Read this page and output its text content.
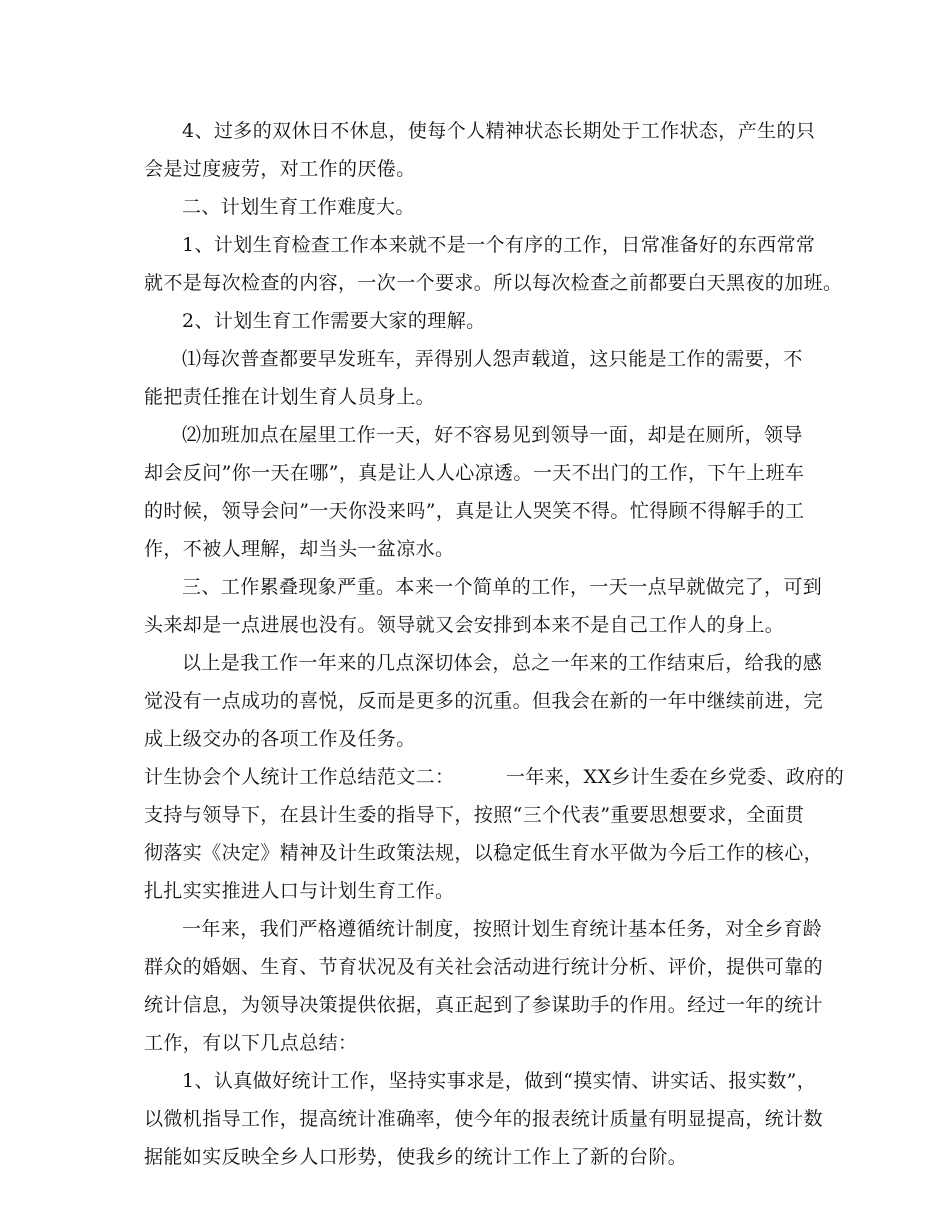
4、过多的双休日不休息，使每个人精神状态长期处于工作状态，产生的只
会是过度疲劳，对工作的厌倦。
二、计划生育工作难度大。
1、计划生育检查工作本来就不是一个有序的工作，日常准备好的东西常常
就不是每次检查的内容，一次一个要求。所以每次检查之前都要白天黑夜的加班。
2、计划生育工作需要大家的理解。
⑴每次普查都要早发班车，弄得别人怨声载道，这只能是工作的需要，不
能把责任推在计划生育人员身上。
⑵加班加点在屋里工作一天，好不容易见到领导一面，却是在厕所，领导
却会反问”你一天在哪”，真是让人人心凉透。一天不出门的工作，下午上班车
的时候，领导会问”一天你没来吗”，真是让人哭笑不得。忙得顾不得解手的工
作，不被人理解，却当头一盆凉水。
三、工作累叠现象严重。本来一个简单的工作，一天一点早就做完了，可到
头来却是一点进展也没有。领导就又会安排到本来不是自己工作人的身上。
以上是我工作一年来的几点深切体会，总之一年来的工作结束后，给我的感
觉没有一点成功的喜悦，反而是更多的沉重。但我会在新的一年中继续前进，完
成上级交办的各项工作及任务。
计生协会个人统计工作总结范文二：        一年来，XX乡计生委在乡党委、政府的
支持与领导下，在县计生委的指导下，按照“三个代表”重要思想要求，全面贯
彻落实《决定》精神及计生政策法规，以稳定低生育水平做为今后工作的核心，
扎扎实实推进人口与计划生育工作。
一年来，我们严格遵循统计制度，按照计划生育统计基本任务，对全乡育龄
群众的婚姻、生育、节育状况及有关社会活动进行统计分析、评价，提供可靠的
统计信息，为领导决策提供依据，真正起到了参谋助手的作用。经过一年的统计
工作，有以下几点总结：
1、认真做好统计工作，坚持实事求是，做到“摸实情、讲实话、报实数”，
以微机指导工作，提高统计准确率，使今年的报表统计质量有明显提高，统计数
据能如实反映全乡人口形势，使我乡的统计工作上了新的台阶。
